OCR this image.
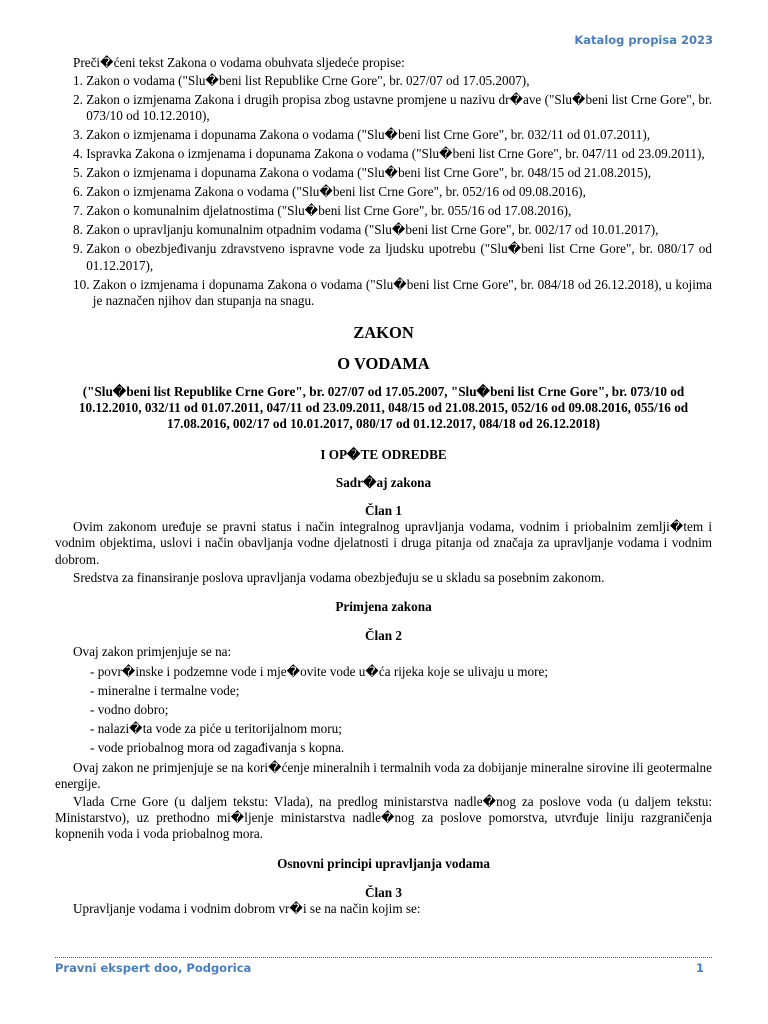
Katalog propisa 2023

Preči�ćeni tekst Zakona o vodama obuhvata sljedeće propise:

1. Zakon o vodama ("Slu�beni list Republike Crne Gore", br. 027/07 od 17.05.2007),
2. Zakon o izmjenama Zakona i drugih propisa zbog ustavne promjene u nazivu dr�ave ("Slu�beni list Crne Gore", br. 073/10 od 10.12.2010),
3. Zakon o izmjenama i dopunama Zakona o vodama ("Slu�beni list Crne Gore", br. 032/11 od 01.07.2011),
4. Ispravka Zakona o izmjenama i dopunama Zakona o vodama ("Slu�beni list Crne Gore", br. 047/11 od 23.09.2011),
5. Zakon o izmjenama i dopunama Zakona o vodama ("Slu�beni list Crne Gore", br. 048/15 od 21.08.2015),
6. Zakon o izmjenama Zakona o vodama ("Slu�beni list Crne Gore", br. 052/16 od 09.08.2016),
7. Zakon o komunalnim djelatnostima ("Slu�beni list Crne Gore", br. 055/16 od 17.08.2016),
8. Zakon o upravljanju komunalnim otpadnim vodama ("Slu�beni list Crne Gore", br. 002/17 od 10.01.2017),
9. Zakon o obezbjeđivanju zdravstveno ispravne vode za ljudsku upotrebu ("Slu�beni list Crne Gore", br. 080/17 od 01.12.2017),
10. Zakon o izmjenama i dopunama Zakona o vodama ("Slu�beni list Crne Gore", br. 084/18 od 26.12.2018), u kojima je naznačen njihov dan stupanja na snagu.

ZAKON

O VODAMA

("Slu�beni list Republike Crne Gore", br. 027/07 od 17.05.2007, "Slu�beni list Crne Gore", br. 073/10 od 10.12.2010, 032/11 od 01.07.2011, 047/11 od 23.09.2011, 048/15 od 21.08.2015, 052/16 od 09.08.2016, 055/16 od 17.08.2016, 002/17 od 10.01.2017, 080/17 od 01.12.2017, 084/18 od 26.12.2018)

I OP�TE ODREDBE

Sadr�aj zakona

Član 1

Ovim zakonom uređuje se pravni status i način integralnog upravljanja vodama, vodnim i priobalnim zemlji�tem i vodnim objektima, uslovi i način obavljanja vodne djelatnosti i druga pitanja od značaja za upravljanje vodama i vodnim dobrom.

Sredstva za finansiranje poslova upravljanja vodama obezbjeđuju se u skladu sa posebnim zakonom.

Primjena zakona

Član 2

Ovaj zakon primjenjuje se na:

- povr�inske i podzemne vode i mje�ovite vode u�ća rijeka koje se ulivaju u more;

- mineralne i termalne vode;

- vodno dobro;

- nalazi�ta vode za piće u teritorijalnom moru;

- vode priobalnog mora od zagađivanja s kopna.

Ovaj zakon ne primjenjuje se na kori�ćenje mineralnih i termalnih voda za dobijanje mineralne sirovine ili geotermalne energije.

Vlada Crne Gore (u daljem tekstu: Vlada), na predlog ministarstva nadle�nog za poslove voda (u daljem tekstu: Ministarstvo), uz prethodno mi�ljenje ministarstva nadle�nog za poslove pomorstva, utvrđuje liniju razgraničenja kopnenih voda i voda priobalnog mora.

Osnovni principi upravljanja vodama

Član 3

Upravljanje vodama i vodnim dobrom vr�i se na način kojim se:

Pravni ekspert doo, Podgorica	1
